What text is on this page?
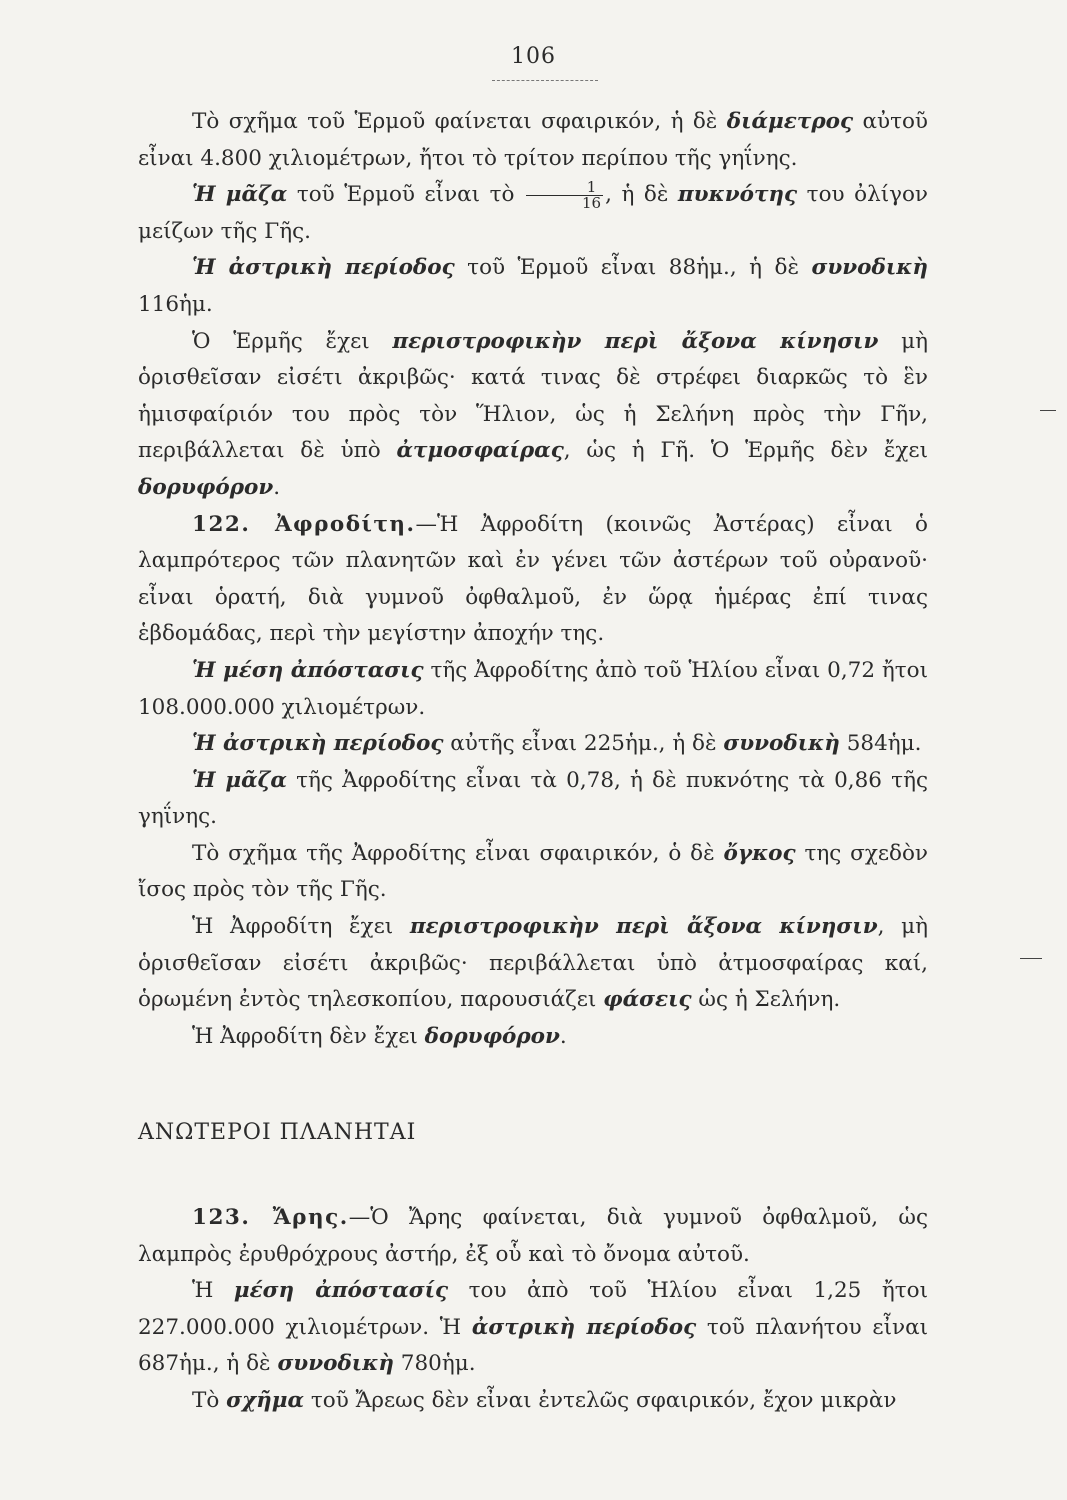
106

Τὸ σχῆμα τοῦ Ἑρμοῦ φαίνεται σφαιρικόν, ἡ δὲ διάμετρος αὐτοῦ εἶναι 4.800 χιλιομέτρων, ἤτοι τὸ τρίτον περίπου τῆς γηΐνης.

Ἡ μᾶζα τοῦ Ἑρμοῦ εἶναι τὸ $\frac{1}{16}$ , ἡ δὲ πυκνότης του ὀλίγον μείζων τῆς Γῆς.

Ἡ ἀστρικὴ περίοδος τοῦ Ἑρμοῦ εἶναι 88ἡμ., ἡ δὲ συνοδικὴ 116ἡμ.

Ὁ Ἑρμῆς ἔχει περιστροφικὴν περὶ ἄξονα κίνησιν μὴ ὁρισθεῖσαν εἰσέτι ἀκριβῶς· κατά τινας δὲ στρέφει διαρκῶς τὸ ἓν ἡμισφαίριόν του πρὸς τὸν Ἥλιον, ὡς ἡ Σελήνη πρὸς τὴν Γῆν, περιβάλλεται δὲ ὑπὸ ἀτμοσφαίρας, ὡς ἡ Γῆ. Ὁ Ἑρμῆς δὲν ἔχει δορυφόρον.

122. Ἀφροδίτη.—Ἡ Ἀφροδίτη (κοινῶς Ἀστέρας) εἶναι ὁ λαμπρότερος τῶν πλανητῶν καὶ ἐν γένει τῶν ἀστέρων τοῦ οὐρανοῦ· εἶναι ὁρατή, διὰ γυμνοῦ ὀφθαλμοῦ, ἐν ὥρᾳ ἡμέρας ἐπί τινας ἑβδομάδας, περὶ τὴν μεγίστην ἀποχήν της.

Ἡ μέση ἀπόστασις τῆς Ἀφροδίτης ἀπὸ τοῦ Ἡλίου εἶναι 0,72 ἤτοι 108.000.000 χιλιομέτρων.

Ἡ ἀστρικὴ περίοδος αὐτῆς εἶναι 225ἡμ., ἡ δὲ συνοδικὴ 584ἡμ.

Ἡ μᾶζα τῆς Ἀφροδίτης εἶναι τὰ 0,78, ἡ δὲ πυκνότης τὰ 0,86 τῆς γηΐνης.

Τὸ σχῆμα τῆς Ἀφροδίτης εἶναι σφαιρικόν, ὁ δὲ ὄγκος της σχεδὸν ἴσος πρὸς τὸν τῆς Γῆς.

Ἡ Ἀφροδίτη ἔχει περιστροφικὴν περὶ ἄξονα κίνησιν, μὴ ὁρισθεῖσαν εἰσέτι ἀκριβῶς· περιβάλλεται ὑπὸ ἀτμοσφαίρας καί, ὁρωμένη ἐντὸς τηλεσκοπίου, παρουσιάζει φάσεις ὡς ἡ Σελήνη.

Ἡ Ἀφροδίτη δὲν ἔχει δορυφόρον.

ΑΝΩΤΕΡΟΙ ΠΛΑΝΗΤΑΙ

123. Ἄρης.—Ὁ Ἄρης φαίνεται, διὰ γυμνοῦ ὀφθαλμοῦ, ὡς λαμπρὸς ἐρυθρόχρους ἀστήρ, ἐξ οὗ καὶ τὸ ὄνομα αὐτοῦ.

Ἡ μέση ἀπόστασίς του ἀπὸ τοῦ Ἡλίου εἶναι 1,25 ἤτοι 227.000.000 χιλιομέτρων. Ἡ ἀστρικὴ περίοδος τοῦ πλανήτου εἶναι 687ἡμ., ἡ δὲ συνοδικὴ 780ἡμ.

Τὸ σχῆμα τοῦ Ἄρεως δὲν εἶναι ἐντελῶς σφαιρικόν, ἔχον μικρὰν
